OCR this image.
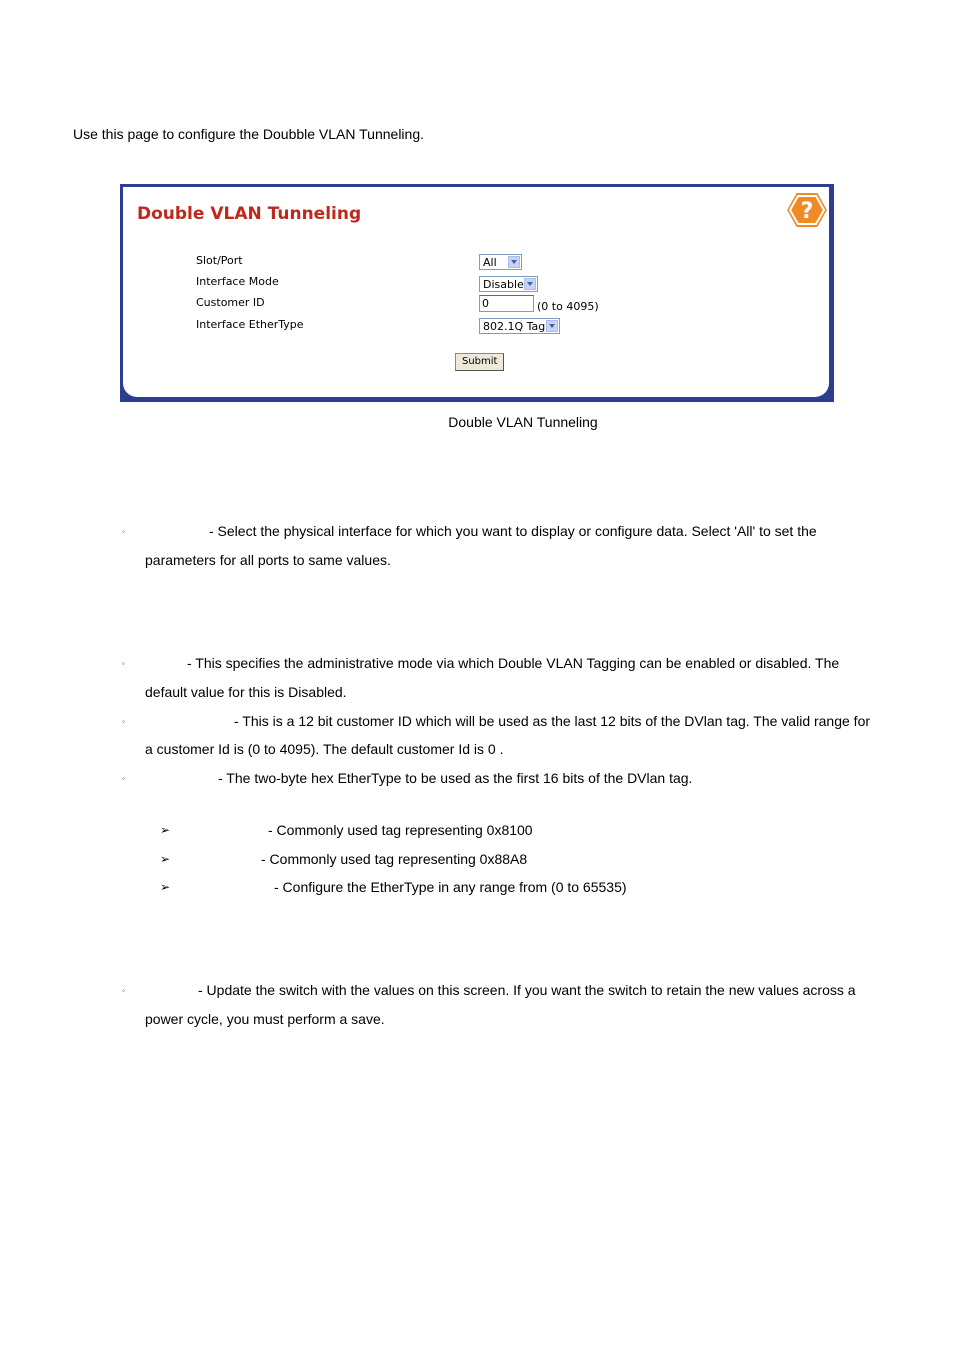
Use this page to configure the Doubble VLAN Tunneling.
Double VLAN Tunneling	?
Slot/Port	All
Interface Mode	Disable
Customer ID	0	(0 to 4095)
Interface EtherType	802.1Q Tag
Submit
Double VLAN Tunneling
◦	- Select the physical interface for which you want to display or configure data. Select 'All' to set the
parameters for all ports to same values.
◦	- This specifies the administrative mode via which Double VLAN Tagging can be enabled or disabled. The
default value for this is Disabled.
◦	- This is a 12 bit customer ID which will be used as the last 12 bits of the DVlan tag. The valid range for
a customer Id is (0 to 4095). The default customer Id is 0 .
◦	- The two-byte hex EtherType to be used as the first 16 bits of the DVlan tag.
➢	- Commonly used tag representing 0x8100
➢	- Commonly used tag representing 0x88A8
➢	- Configure the EtherType in any range from (0 to 65535)
◦	- Update the switch with the values on this screen. If you want the switch to retain the new values across a
power cycle, you must perform a save.
